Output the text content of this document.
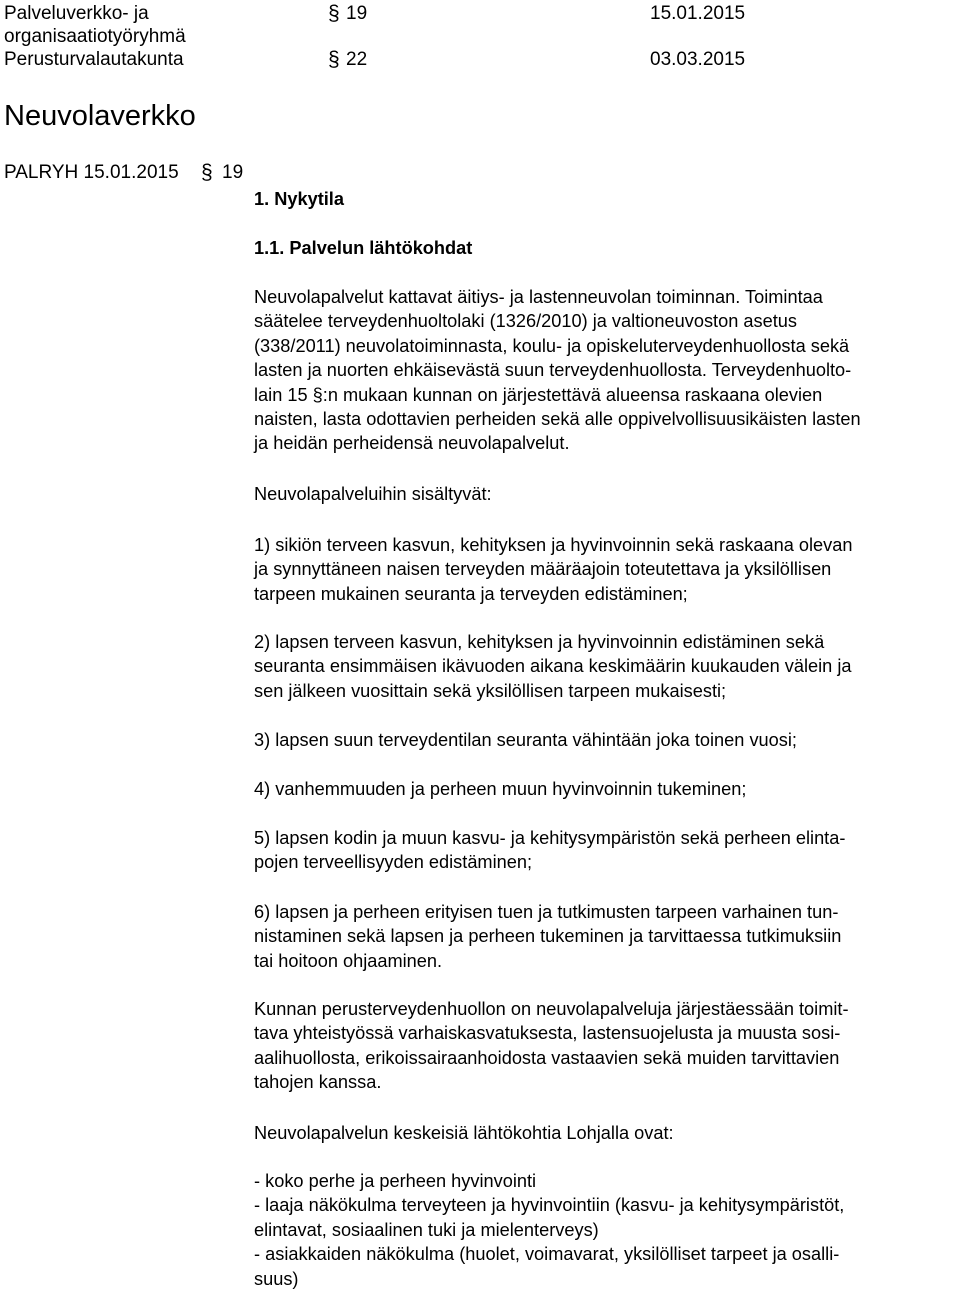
Palveluverkko- ja
organisaatiotyöryhmä
§ 19	15.01.2015
Perusturvalautakunta	§ 22	03.03.2015
Neuvolaverkko
PALRYH 15.01.2015 § 19
1. Nykytila
1.1. Palvelun lähtökohdat
Neuvolapalvelut kattavat äitiys- ja lastenneuvolan toiminnan. Toimintaa
säätelee terveydenhuoltolaki (1326/2010) ja valtioneuvoston asetus
(338/2011) neuvolatoiminnasta, koulu- ja opiskeluterveydenhuollosta sekä
lasten ja nuorten ehkäisevästä suun terveydenhuollosta. Terveydenhuolto-
lain 15 §:n mukaan kunnan on järjestettävä alueensa raskaana olevien
naisten, lasta odottavien perheiden sekä alle oppivelvollisuusikäisten lasten
ja heidän perheidensä neuvolapalvelut.
Neuvolapalveluihin sisältyvät:
1) sikiön terveen kasvun, kehityksen ja hyvinvoinnin sekä raskaana olevan
ja synnyttäneen naisen terveyden määräajoin toteutettava ja yksilöllisen
tarpeen mukainen seuranta ja terveyden edistäminen;
2) lapsen terveen kasvun, kehityksen ja hyvinvoinnin edistäminen sekä
seuranta ensimmäisen ikävuoden aikana keskimäärin kuukauden välein ja
sen jälkeen vuosittain sekä yksilöllisen tarpeen mukaisesti;
3) lapsen suun terveydentilan seuranta vähintään joka toinen vuosi;
4) vanhemmuuden ja perheen muun hyvinvoinnin tukeminen;
5) lapsen kodin ja muun kasvu- ja kehitysympäristön sekä perheen elinta-
pojen terveellisyyden edistäminen;
6) lapsen ja perheen erityisen tuen ja tutkimusten tarpeen varhainen tun-
nistaminen sekä lapsen ja perheen tukeminen ja tarvittaessa tutkimuksiin
tai hoitoon ohjaaminen.
Kunnan perusterveydenhuollon on neuvolapalveluja järjestäessään toimit-
tava yhteistyössä varhaiskasvatuksesta, lastensuojelusta ja muusta sosi-
aalihuollosta, erikoissairaanhoidosta vastaavien sekä muiden tarvittavien
tahojen kanssa.
Neuvolapalvelun keskeisiä lähtökohtia Lohjalla ovat:
- koko perhe ja perheen hyvinvointi
- laaja näkökulma terveyteen ja hyvinvointiin (kasvu- ja kehitysympäristöt,
elintavat, sosiaalinen tuki ja mielenterveys)
- asiakkaiden näkökulma (huolet, voimavarat, yksilölliset tarpeet ja osalli-
suus)
